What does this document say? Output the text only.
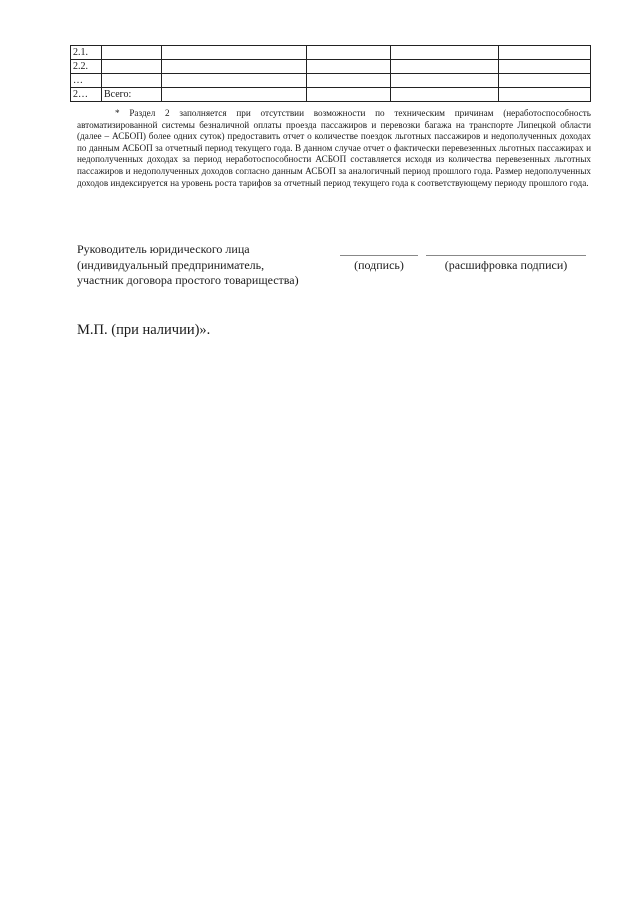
2.1.					
2.2.					
…					
2…	Всего:				

* Раздел 2 заполняется при отсутствии возможности по техническим причинам (неработоспособность автоматизированной системы безналичной оплаты проезда пассажиров и перевозки багажа на транспорте Липецкой области (далее – АСБОП) более одних суток) предоставить отчет о количестве поездок льготных пассажиров и недополученных доходах по данным АСБОП за отчетный период текущего года. В данном случае отчет о фактически перевезенных льготных пассажирах и недополученных доходах за период неработоспособности АСБОП составляется исходя из количества перевезенных льготных пассажиров и недополученных доходов согласно данным АСБОП за аналогичный период прошлого года. Размер недополученных доходов индексируется на уровень роста тарифов за отчетный период текущего года к соответствующему периоду прошлого года.

Руководитель юридического лица
(индивидуальный предприниматель,
участник договора простого товарищества)
(подпись)	(расшифровка подписи)
М.П. (при наличии)».
